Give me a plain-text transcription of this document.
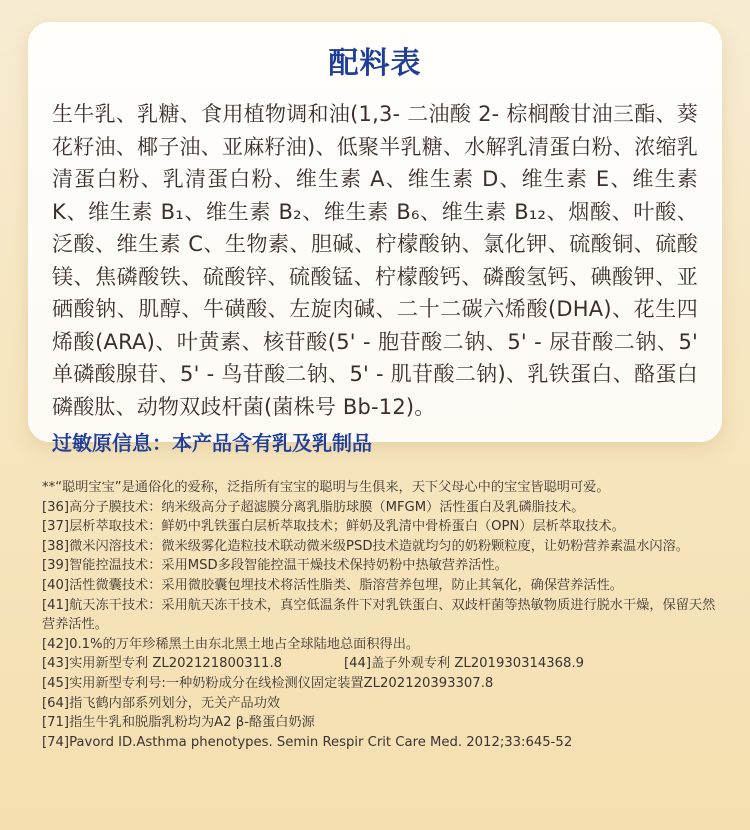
配料表

生牛乳、乳糖、食用植物调和油(1,3- 二油酸 2- 棕榈酸甘油三酯、葵花籽油、椰子油、亚麻籽油)、低聚半乳糖、水解乳清蛋白粉、浓缩乳清蛋白粉、乳清蛋白粉、维生素 A、维生素 D、维生素 E、维生素 K、维生素 B₁、维生素 B₂、维生素 B₆、维生素 B₁₂、烟酸、叶酸、泛酸、维生素 C、生物素、胆碱、柠檬酸钠、氯化钾、硫酸铜、硫酸镁、焦磷酸铁、硫酸锌、硫酸锰、柠檬酸钙、磷酸氢钙、碘酸钾、亚硒酸钠、肌醇、牛磺酸、左旋肉碱、二十二碳六烯酸(DHA)、花生四烯酸(ARA)、叶黄素、核苷酸(5' - 胞苷酸二钠、5' - 尿苷酸二钠、5' 单磷酸腺苷、5' - 鸟苷酸二钠、5' - 肌苷酸二钠)、乳铁蛋白、酪蛋白磷酸肽、动物双歧杆菌(菌株号 Bb-12)。

过敏原信息：本产品含有乳及乳制品

**“聪明宝宝”是通俗化的爱称，泛指所有宝宝的聪明与生俱来，天下父母心中的宝宝皆聪明可爱。

[36]高分子膜技术：纳米级高分子超滤膜分离乳脂肪球膜（MFGM）活性蛋白及乳磷脂技术。

[37]层析萃取技术：鲜奶中乳铁蛋白层析萃取技术；鲜奶及乳清中骨桥蛋白（OPN）层析萃取技术。

[38]微米闪溶技术：微米级雾化造粒技术联动微米级PSD技术造就均匀的奶粉颗粒度，让奶粉营养素温水闪溶。

[39]智能控温技术：采用MSD多段智能控温干燥技术保持奶粉中热敏营养活性。

[40]活性微囊技术：采用微胶囊包埋技术将活性脂类、脂溶营养包埋，防止其氧化，确保营养活性。

[41]航天冻干技术：采用航天冻干技术，真空低温条件下对乳铁蛋白、双歧杆菌等热敏物质进行脱水干燥，保留天然营养活性。

[42]0.1%的万年珍稀黑土由东北黑土地占全球陆地总面积得出。

[43]实用新型专利 ZL202121800311.8	[44]盖子外观专利 ZL201930314368.9

[45]实用新型专利号:一种奶粉成分在线检测仪固定装置ZL202120393307.8

[64]指飞鹤内部系列划分，无关产品功效

[71]指生牛乳和脱脂乳粉均为A2 β-酪蛋白奶源

[74]Pavord ID.Asthma phenotypes. Semin Respir Crit Care Med. 2012;33:645-52
